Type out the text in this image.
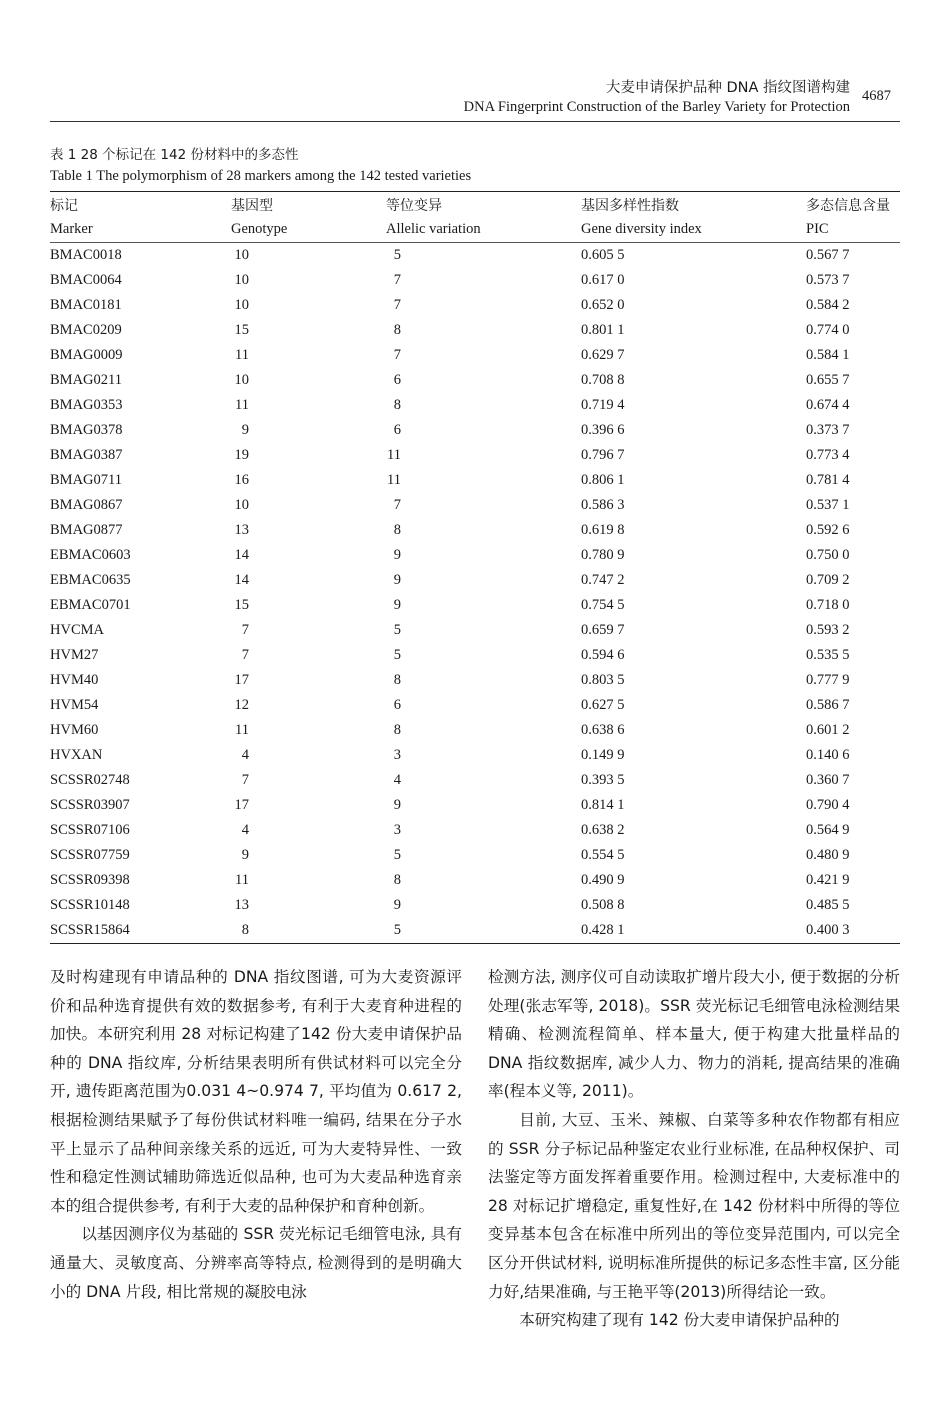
大麦申请保护品种 DNA 指纹图谱构建
DNA Fingerprint Construction of the Barley Variety for Protection
4687
表 1 28 个标记在 142 份材料中的多态性
Table 1 The polymorphism of 28 markers among the 142 tested varieties
标记	基因型	等位变异	基因多样性指数	多态信息含量
Marker	Genotype	Allelic variation	Gene diversity index	PIC
BMAC0018	10	5	0.605 5	0.567 7
BMAC0064	10	7	0.617 0	0.573 7
BMAC0181	10	7	0.652 0	0.584 2
BMAC0209	15	8	0.801 1	0.774 0
BMAG0009	11	7	0.629 7	0.584 1
BMAG0211	10	6	0.708 8	0.655 7
BMAG0353	11	8	0.719 4	0.674 4
BMAG0378	9	6	0.396 6	0.373 7
BMAG0387	19	11	0.796 7	0.773 4
BMAG0711	16	11	0.806 1	0.781 4
BMAG0867	10	7	0.586 3	0.537 1
BMAG0877	13	8	0.619 8	0.592 6
EBMAC0603	14	9	0.780 9	0.750 0
EBMAC0635	14	9	0.747 2	0.709 2
EBMAC0701	15	9	0.754 5	0.718 0
HVCMA	7	5	0.659 7	0.593 2
HVM27	7	5	0.594 6	0.535 5
HVM40	17	8	0.803 5	0.777 9
HVM54	12	6	0.627 5	0.586 7
HVM60	11	8	0.638 6	0.601 2
HVXAN	4	3	0.149 9	0.140 6
SCSSR02748	7	4	0.393 5	0.360 7
SCSSR03907	17	9	0.814 1	0.790 4
SCSSR07106	4	3	0.638 2	0.564 9
SCSSR07759	9	5	0.554 5	0.480 9
SCSSR09398	11	8	0.490 9	0.421 9
SCSSR10148	13	9	0.508 8	0.485 5
SCSSR15864	8	5	0.428 1	0.400 3

及时构建现有申请品种的 DNA 指纹图谱, 可为大麦资源评价和品种选育提供有效的数据参考, 有利于大麦育种进程的加快。本研究利用 28 对标记构建了142 份大麦申请保护品种的 DNA 指纹库, 分析结果表明所有供试材料可以完全分开, 遗传距离范围为0.031 4~0.974 7, 平均值为 0.617 2, 根据检测结果赋予了每份供试材料唯一编码, 结果在分子水平上显示了品种间亲缘关系的远近, 可为大麦特异性、一致性和稳定性测试辅助筛选近似品种, 也可为大麦品种选育亲本的组合提供参考, 有利于大麦的品种保护和育种创新。

以基因测序仪为基础的 SSR 荧光标记毛细管电泳, 具有通量大、灵敏度高、分辨率高等特点, 检测得到的是明确大小的 DNA 片段, 相比常规的凝胶电泳

检测方法, 测序仪可自动读取扩增片段大小, 便于数据的分析处理(张志军等, 2018)。SSR 荧光标记毛细管电泳检测结果精确、检测流程简单、样本量大, 便于构建大批量样品的 DNA 指纹数据库, 减少人力、物力的消耗, 提高结果的准确率(程本义等, 2011)。

目前, 大豆、玉米、辣椒、白菜等多种农作物都有相应的 SSR 分子标记品种鉴定农业行业标准, 在品种权保护、司法鉴定等方面发挥着重要作用。检测过程中, 大麦标准中的 28 对标记扩增稳定, 重复性好,在 142 份材料中所得的等位变异基本包含在标准中所列出的等位变异范围内, 可以完全区分开供试材料, 说明标准所提供的标记多态性丰富, 区分能力好,结果准确, 与王艳平等(2013)所得结论一致。

本研究构建了现有 142 份大麦申请保护品种的
